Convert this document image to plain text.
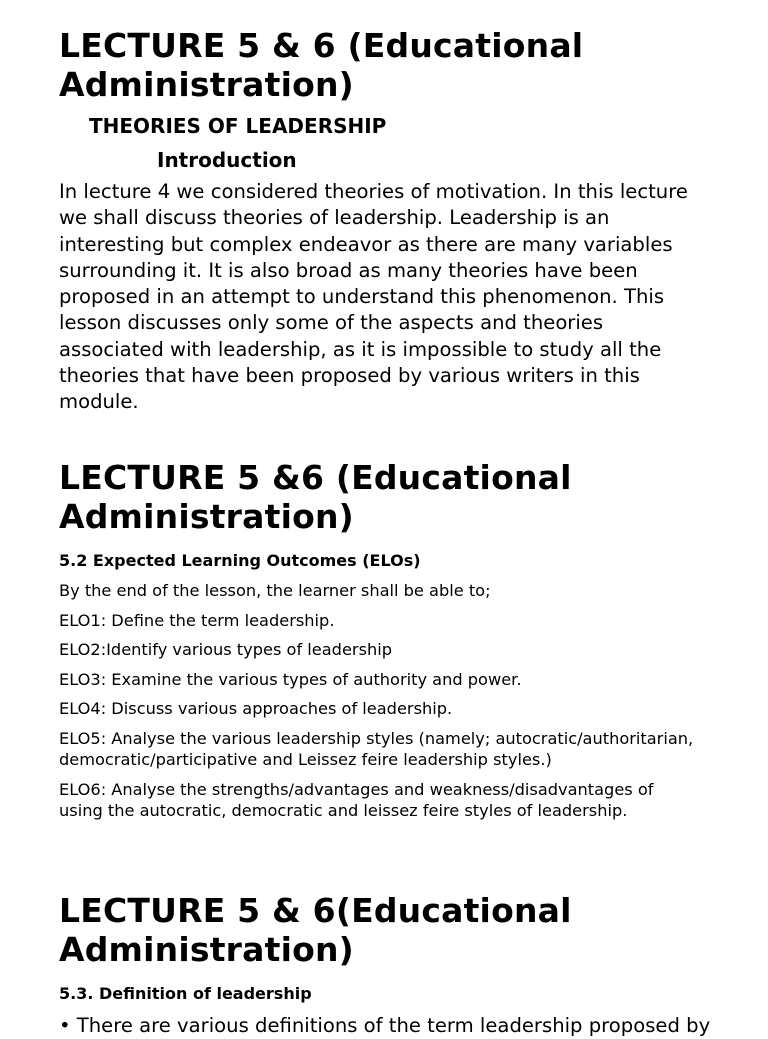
LECTURE 5 & 6 (Educational Administration)
THEORIES OF LEADERSHIP
Introduction

In lecture 4 we considered theories of motivation. In this lecture we shall discuss theories of leadership. Leadership is an interesting but complex endeavor as there are many variables surrounding it. It is also broad as many theories have been proposed in an attempt to understand this phenomenon. This lesson discusses only some of the aspects and theories associated with leadership, as it is impossible to study all the theories that have been proposed by various writers in this module.

LECTURE 5 &6 (Educational Administration)
5.2 Expected Learning Outcomes (ELOs)

By the end of the lesson, the learner shall be able to;

ELO1: Define the term leadership.

ELO2:Identify various types of leadership

ELO3: Examine the various types of authority and power.

ELO4: Discuss various approaches of leadership.

ELO5: Analyse the various leadership styles (namely; autocratic/authoritarian, democratic/participative and Leissez feire leadership styles.)

ELO6: Analyse the strengths/advantages and weakness/disadvantages of using the autocratic, democratic and leissez feire styles of leadership.

LECTURE 5 & 6(Educational Administration)
5.3. Definition of leadership

• There are various definitions of the term leadership proposed by
